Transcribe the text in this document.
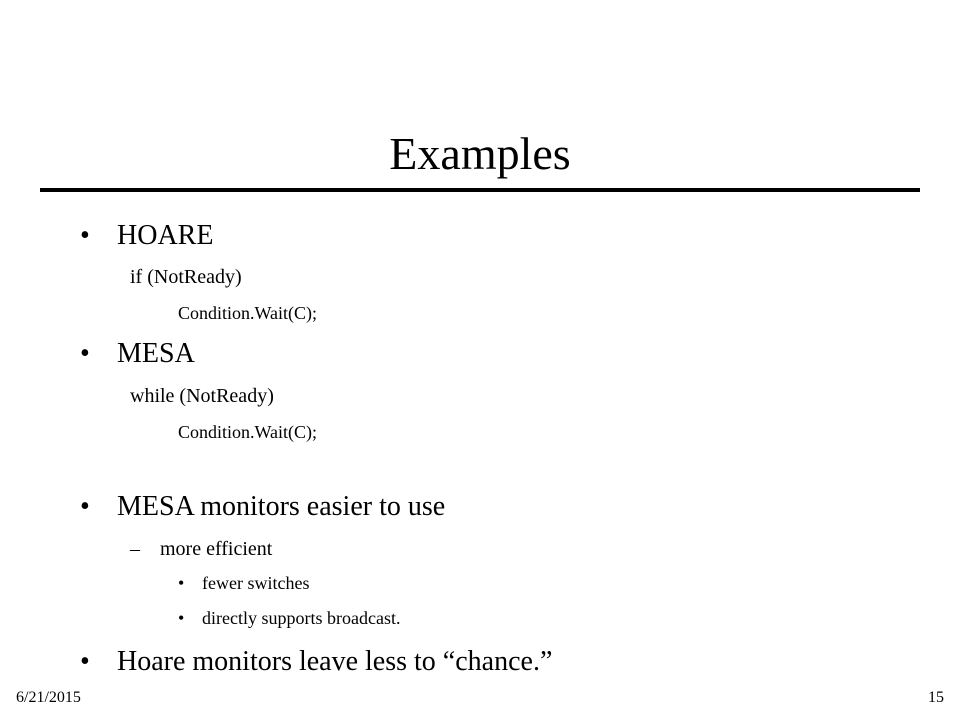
Examples
• HOARE
if (NotReady)
Condition.Wait(C);
• MESA
while (NotReady)
Condition.Wait(C);
• MESA monitors easier to use
– more efficient
• fewer switches
• directly supports broadcast.
• Hoare monitors leave less to “chance.”
6/21/2015	15
